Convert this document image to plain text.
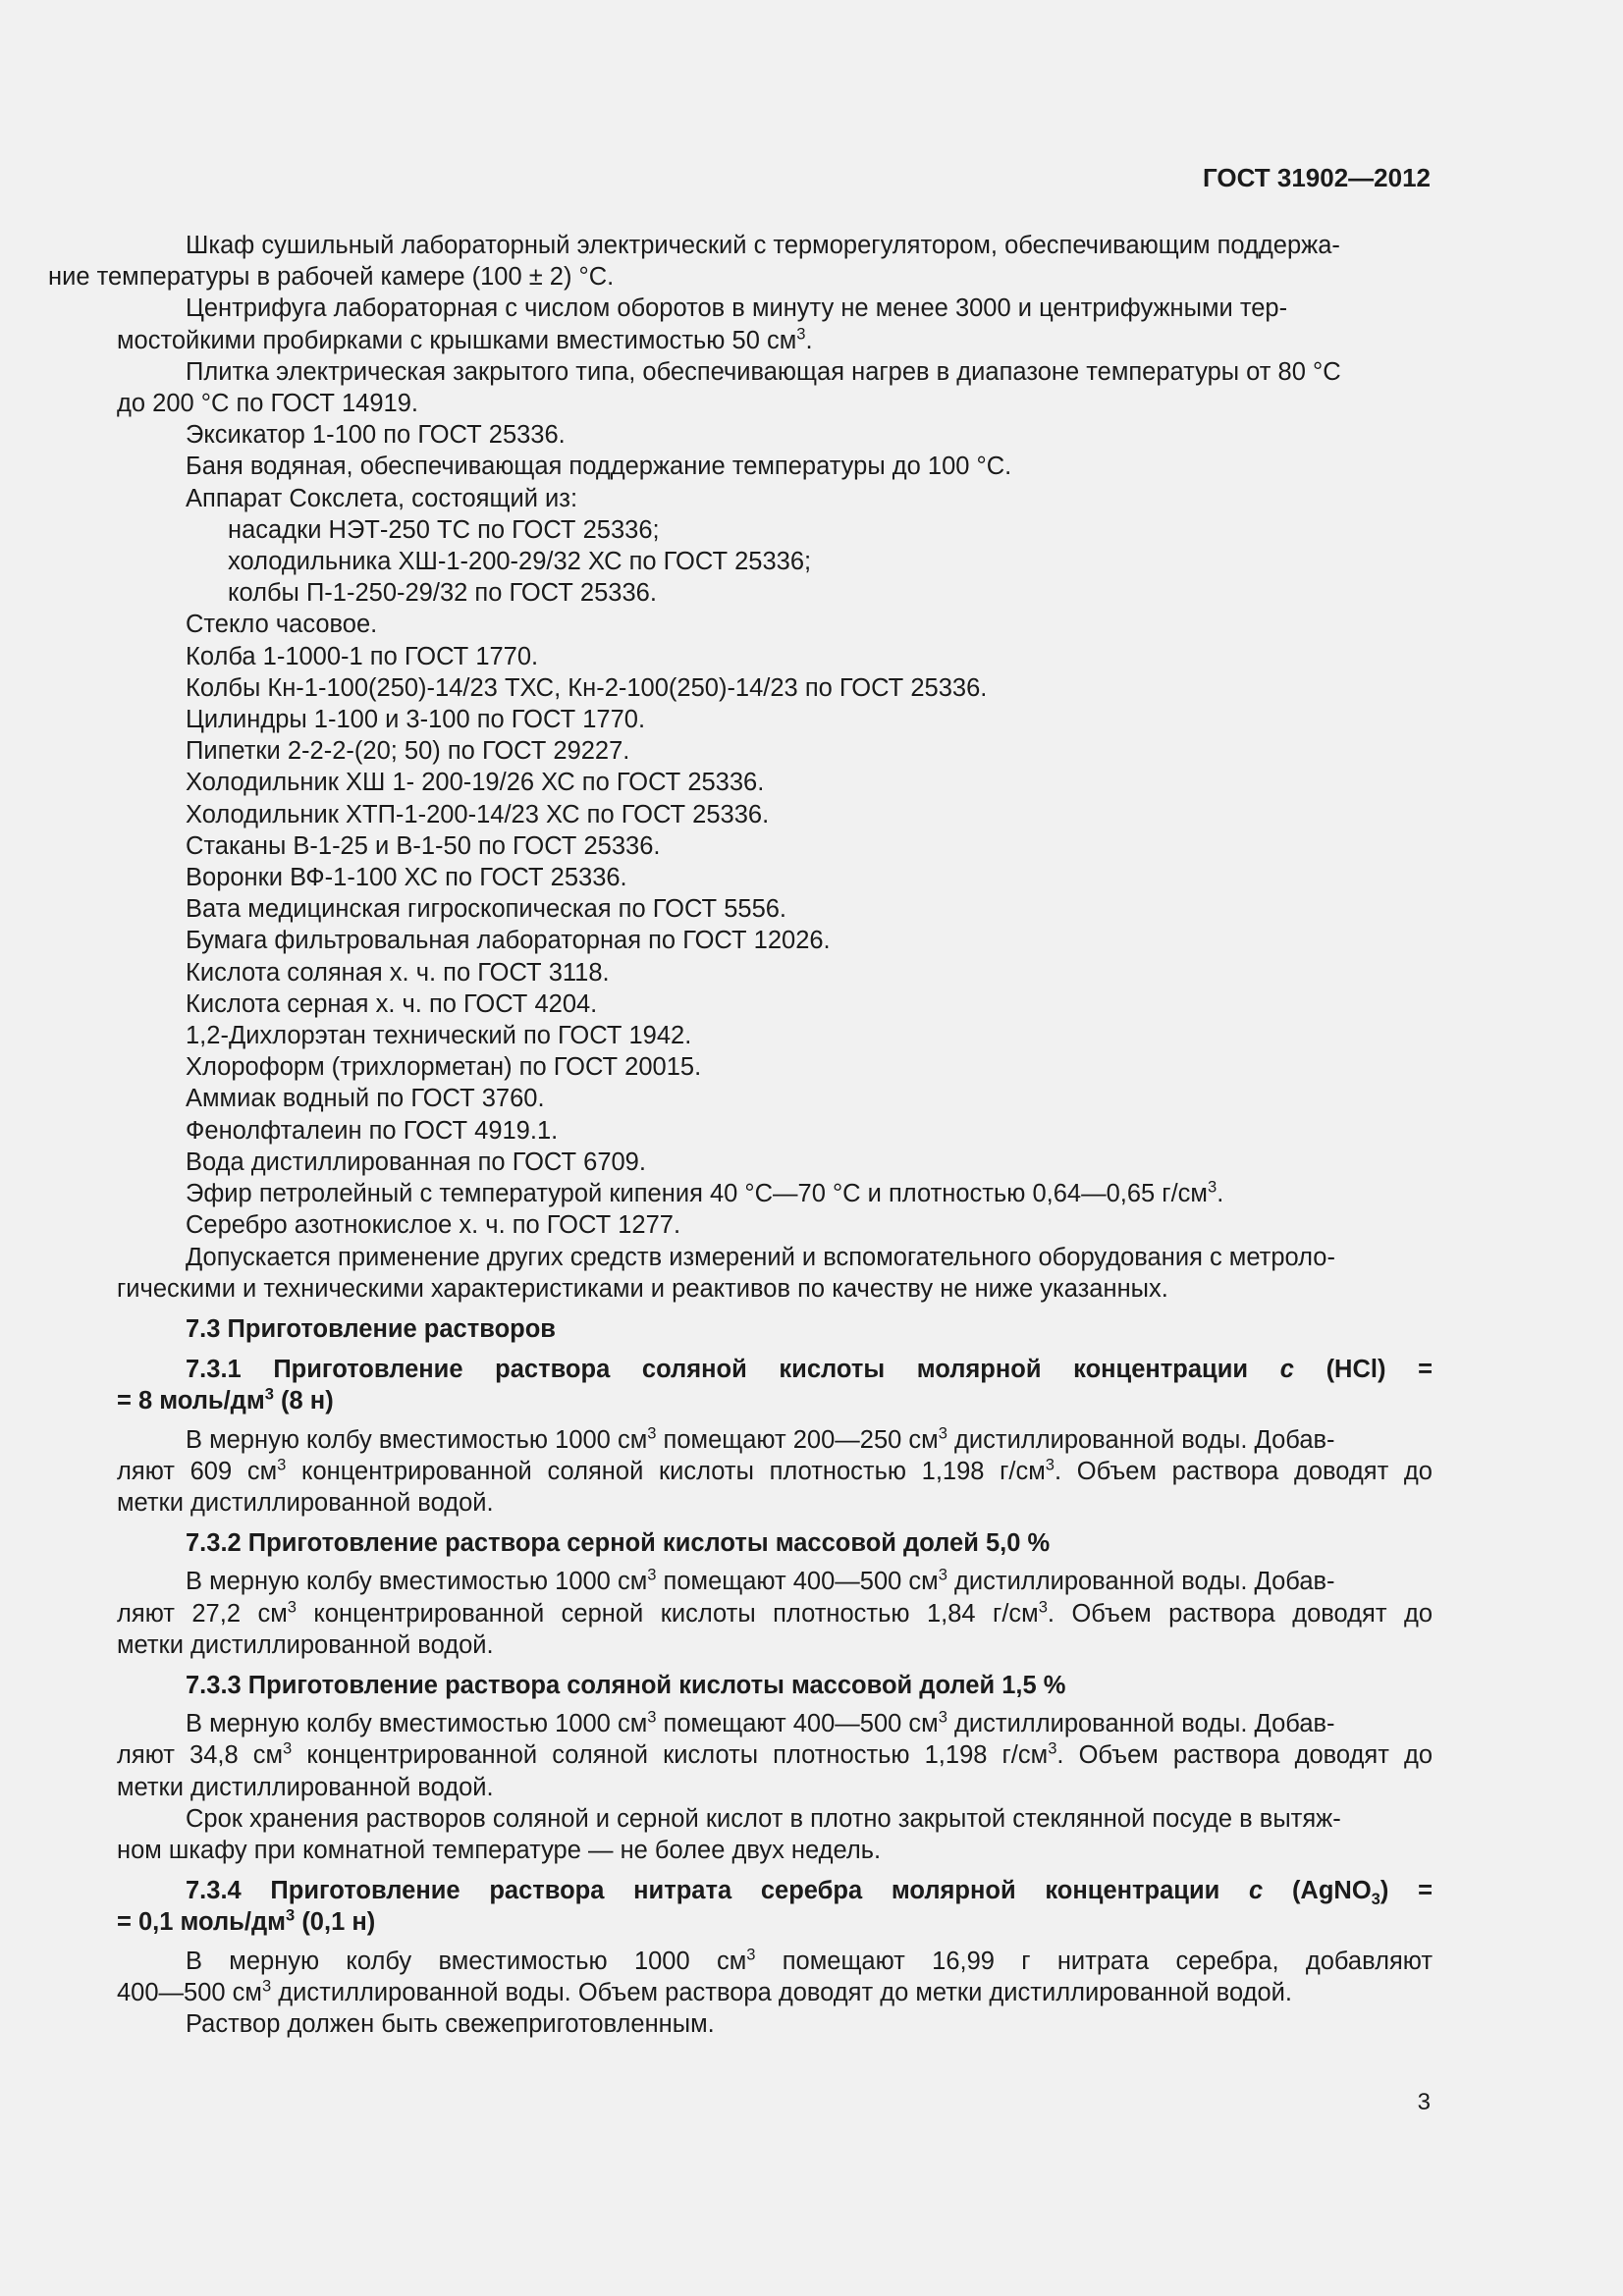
ГОСТ 31902—2012

Шкаф сушильный лабораторный электрический с терморегулятором, обеспечивающим поддержа-
ние температуры в рабочей камере (100 ± 2) °С.

Центрифуга лабораторная с числом оборотов в минуту не менее 3000 и центрифужными тер-
мостойкими пробирками с крышками вместимостью 50 $см^3$.

Плитка электрическая закрытого типа, обеспечивающая нагрев в диапазоне температуры от 80 °С
до 200 °С по ГОСТ 14919.

Эксикатор 1-100 по ГОСТ 25336.

Баня водяная, обеспечивающая поддержание температуры до 100 °С.

Аппарат Сокслета, состоящий из:

насадки НЭТ-250 ТС по ГОСТ 25336;

холодильника ХШ-1-200-29/32 ХС по ГОСТ 25336;

колбы П-1-250-29/32 по ГОСТ 25336.

Стекло часовое.

Колба 1-1000-1 по ГОСТ 1770.

Колбы Кн-1-100(250)-14/23 ТХС, Кн-2-100(250)-14/23 по ГОСТ 25336.

Цилиндры 1-100 и 3-100 по ГОСТ 1770.

Пипетки 2-2-2-(20; 50) по ГОСТ 29227.

Холодильник ХШ 1- 200-19/26 ХС по ГОСТ 25336.

Холодильник ХТП-1-200-14/23 ХС по ГОСТ 25336.

Стаканы В-1-25 и В-1-50 по ГОСТ 25336.

Воронки ВФ-1-100 ХС по ГОСТ 25336.

Вата медицинская гигроскопическая по ГОСТ 5556.

Бумага фильтровальная лабораторная по ГОСТ 12026.

Кислота соляная х. ч. по ГОСТ 3118.

Кислота серная х. ч. по ГОСТ 4204.

1,2-Дихлорэтан технический по ГОСТ 1942.

Хлороформ (трихлорметан) по ГОСТ 20015.

Аммиак водный по ГОСТ 3760.

Фенолфталеин по ГОСТ 4919.1.

Вода дистиллированная по ГОСТ 6709.

Эфир петролейный с температурой кипения 40 °С—70 °С и плотностью 0,64—0,65 $г/см^3$.

Серебро азотнокислое х. ч. по ГОСТ 1277.

Допускается применение других средств измерений и вспомогательного оборудования с метроло-
гическими и техническими характеристиками и реактивов по качеству не ниже указанных.

7.3 Приготовление растворов

7.3.1 Приготовление раствора соляной кислоты молярной концентрации с (НСl) =
= 8 моль/$дм^3$ (8 н)

В мерную колбу вместимостью 1000 $см^3$ помещают 200—250 $см^3$ дистиллированной воды. Добав-
ляют 609 $см^3$ концентрированной соляной кислоты плотностью 1,198 $г/см^3$. Объем раствора доводят до
метки дистиллированной водой.

7.3.2 Приготовление раствора серной кислоты массовой долей 5,0 %

В мерную колбу вместимостью 1000 $см^3$ помещают 400—500 $см^3$ дистиллированной воды. Добав-
ляют 27,2 $см^3$ концентрированной серной кислоты плотностью 1,84 $г/см^3$. Объем раствора доводят до
метки дистиллированной водой.

7.3.3 Приготовление раствора соляной кислоты массовой долей 1,5 %

В мерную колбу вместимостью 1000 $см^3$ помещают 400—500 $см^3$ дистиллированной воды. Добав-
ляют 34,8 $см^3$ концентрированной соляной кислоты плотностью 1,198 $г/см^3$. Объем раствора доводят до
метки дистиллированной водой.

Срок хранения растворов соляной и серной кислот в плотно закрытой стеклянной посуде в вытяж-
ном шкафу при комнатной температуре — не более двух недель.

7.3.4 Приготовление раствора нитрата серебра молярной концентрации с (AgNO$_3$) =
= 0,1 моль/$дм^3$ (0,1 н)

В мерную колбу вместимостью 1000 $см^3$ помещают 16,99 г нитрата серебра, добавляют
400—500 $см^3$ дистиллированной воды. Объем раствора доводят до метки дистиллированной водой.

Раствор должен быть свежеприготовленным.

3
